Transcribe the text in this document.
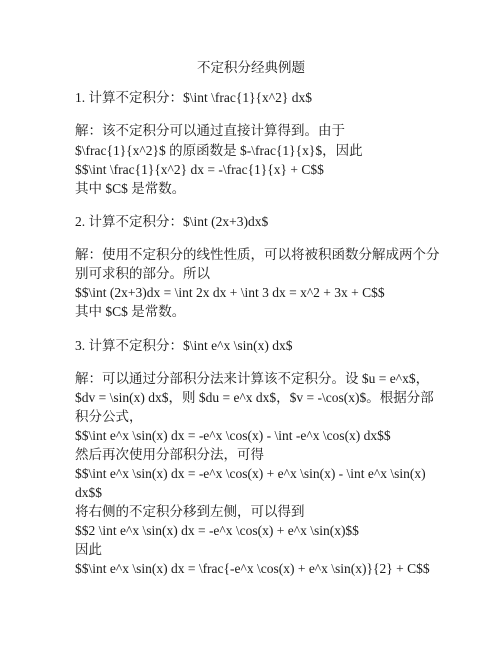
不定积分经典例题
1. 计算不定积分：$\int \frac{1}{x^2} dx$
解：该不定积分可以通过直接计算得到。由于
$\frac{1}{x^2}$ 的原函数是 $-\frac{1}{x}$，因此
$$\int \frac{1}{x^2} dx = -\frac{1}{x} + C$$
其中 $C$ 是常数。
2. 计算不定积分：$\int (2x+3)dx$
解：使用不定积分的线性性质，可以将被积函数分解成两个分
别可求积的部分。所以
$$\int (2x+3)dx = \int 2x dx + \int 3 dx = x^2 + 3x + C$$
其中 $C$ 是常数。
3. 计算不定积分：$\int e^x \sin(x) dx$
解：可以通过分部积分法来计算该不定积分。设 $u = e^x$，
$dv = \sin(x) dx$，则 $du = e^x dx$，$v = -\cos(x)$。根据分部
积分公式，
$$\int e^x \sin(x) dx = -e^x \cos(x) - \int -e^x \cos(x) dx$$
然后再次使用分部积分法，可得
$$\int e^x \sin(x) dx = -e^x \cos(x) + e^x \sin(x) - \int e^x \sin(x)
dx$$
将右侧的不定积分移到左侧，可以得到
$$2 \int e^x \sin(x) dx = -e^x \cos(x) + e^x \sin(x)$$
因此
$$\int e^x \sin(x) dx = \frac{-e^x \cos(x) + e^x \sin(x)}{2} + C$$
